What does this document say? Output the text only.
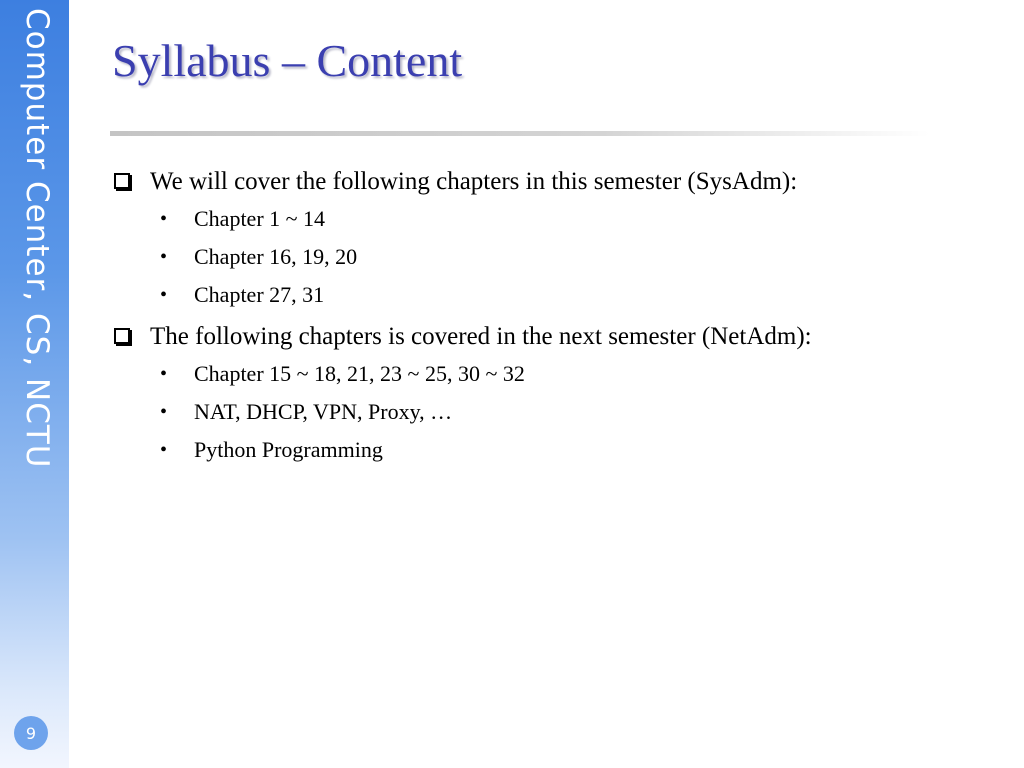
Computer Center, CS, NCTU
9
Syllabus – Content
We will cover the following chapters in this semester (SysAdm):
• Chapter 1 ~ 14
• Chapter 16, 19, 20
• Chapter 27, 31
The following chapters is covered in the next semester (NetAdm):
• Chapter 15 ~ 18, 21, 23 ~ 25, 30 ~ 32
• NAT, DHCP, VPN, Proxy, …
• Python Programming
